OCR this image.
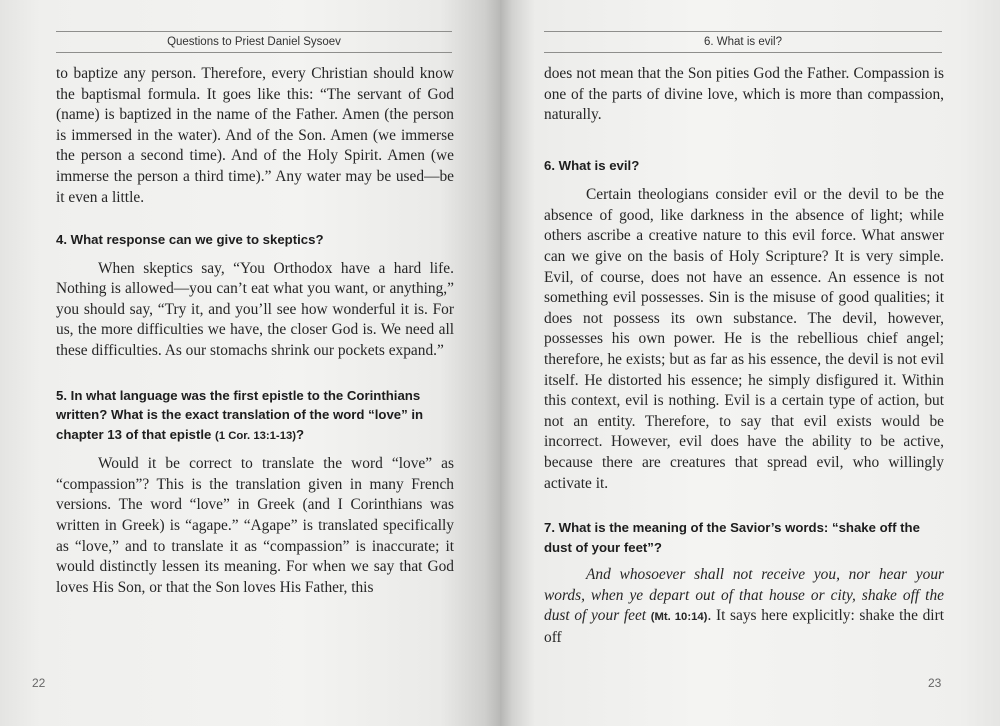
Questions to Priest Daniel Sysoev

to baptize any person. Therefore, every Christian should know the baptismal formula. It goes like this: “The servant of God (name) is baptized in the name of the Father. Amen (the person is immersed in the water). And of the Son. Amen (we immerse the person a second time). And of the Holy Spirit. Amen (we immerse the person a third time).” Any water may be used—be it even a little.

4. What response can we give to skeptics?

When skeptics say, “You Orthodox have a hard life. Nothing is allowed—you can’t eat what you want, or anything,” you should say, “Try it, and you’ll see how wonderful it is. For us, the more difficulties we have, the closer God is. We need all these difficulties. As our stomachs shrink our pockets expand.”

5. In what language was the first epistle to the Corinthians written? What is the exact translation of the word “love” in chapter 13 of that epistle (1 Cor. 13:1-13)?

Would it be correct to translate the word “love” as “compassion”? This is the translation given in many French versions. The word “love” in Greek (and I Corinthians was written in Greek) is “agape.” “Agape” is translated specifically as “love,” and to translate it as “compassion” is inaccurate; it would distinctly lessen its meaning. For when we say that God loves His Son, or that the Son loves His Father, this

22
6. What is evil?

does not mean that the Son pities God the Father. Compassion is one of the parts of divine love, which is more than compassion, naturally.

6. What is evil?

Certain theologians consider evil or the devil to be the absence of good, like darkness in the absence of light; while others ascribe a creative nature to this evil force. What answer can we give on the basis of Holy Scripture? It is very simple. Evil, of course, does not have an essence. An essence is not something evil possesses. Sin is the misuse of good qualities; it does not possess its own substance. The devil, however, possesses his own power. He is the rebellious chief angel; therefore, he exists; but as far as his essence, the devil is not evil itself. He distorted his essence; he simply disfigured it. Within this context, evil is nothing. Evil is a certain type of action, but not an entity. Therefore, to say that evil exists would be incorrect. However, evil does have the ability to be active, because there are creatures that spread evil, who willingly activate it.

7. What is the meaning of the Savior’s words: “shake off the dust of your feet”?

And whosoever shall not receive you, nor hear your words, when ye depart out of that house or city, shake off the dust of your feet (Mt. 10:14). It says here explicitly: shake the dirt off

23
